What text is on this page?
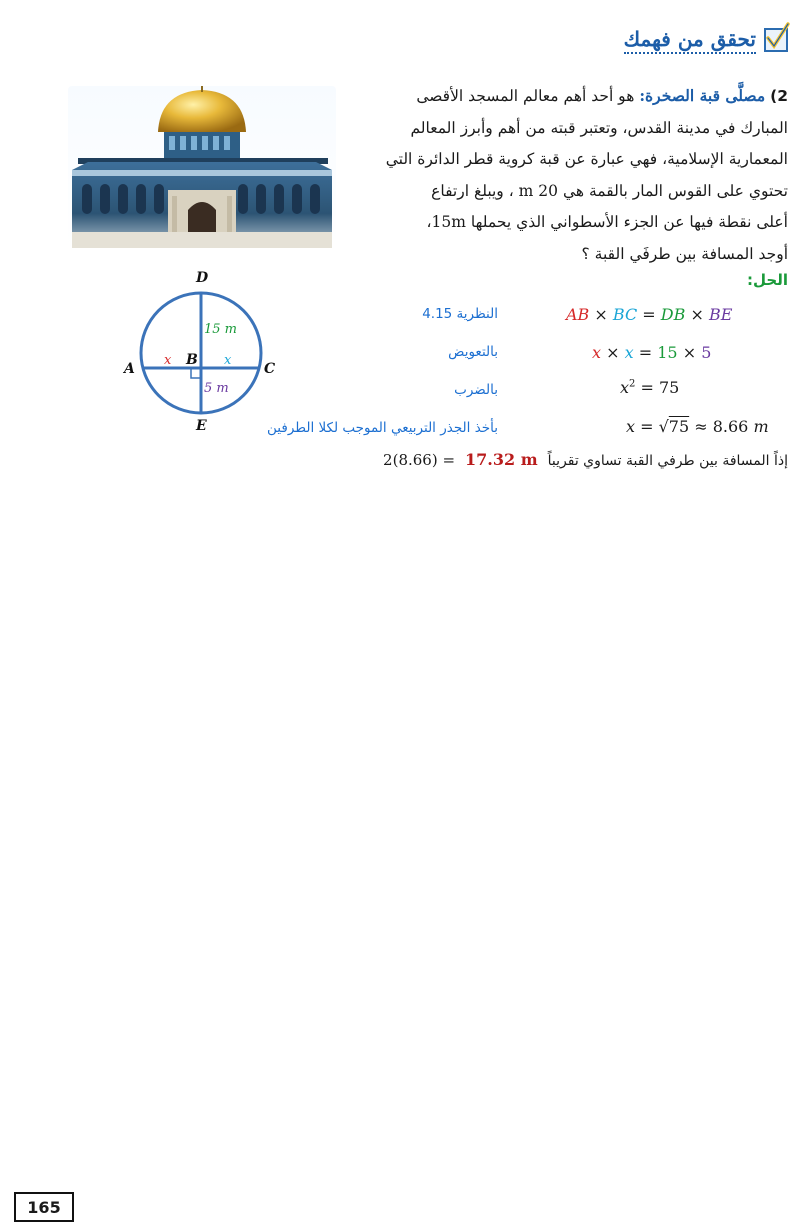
تحقق من فهمك
2) مصلَّى قبة الصخرة: هو أحد أهم معالم المسجد الأقصى
المبارك في مدينة القدس، وتعتبر قبته من أهم وأبرز المعالم
المعمارية الإسلامية، فهي عبارة عن قبة كروية قطر الدائرة التي
تحتوي على القوس المار بالقمة هي 20 m ، ويبلغ ارتفاع
أعلى نقطة فيها عن الجزء الأسطواني الذي يحملها 15m،
أوجد المسافة بين طرفَي القبة ؟
الحل:
D
A
B
C
E
15 m
5 m
x	x
النظرية 4.15	AB × BC = DB × BE
بالتعويض	x × x = 15 × 5
بالضرب	$x^2 = 75$
بأخذ الجذر التربيعي الموجب لكلا الطرفين	x = √75 ≈ 8.66 m
إذاً المسافة بين طرفي القبة تساوي تقريباً
17.32 m
2(8.66) =
165
